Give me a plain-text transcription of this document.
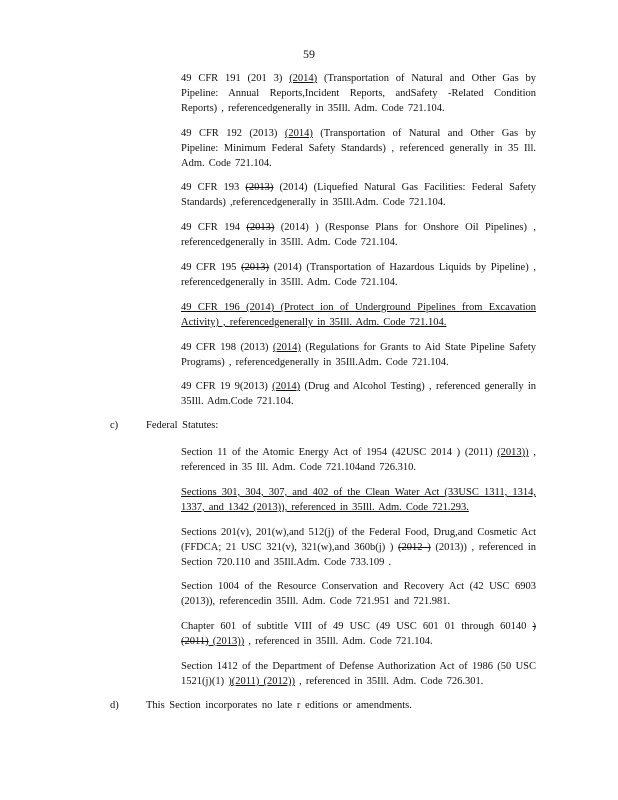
59

49 CFR 191 (201 3) (2014) (Transportation of Natural and Other Gas by Pipeline: Annual Reports,Incident Reports, andSafety -Related Condition Reports) , referencedgenerally in 35Ill. Adm. Code 721.104.

49 CFR 192 (2013) (2014) (Transportation of Natural and Other Gas by Pipeline: Minimum Federal Safety Standards) , referenced generally in 35 Ill. Adm. Code 721.104.

49 CFR 193 (2013) (2014) (Liquefied Natural Gas Facilities: Federal Safety Standards) ,referencedgenerally in 35Ill.Adm. Code 721.104.

49 CFR 194 (2013) (2014) ) (Response Plans for Onshore Oil Pipelines) , referencedgenerally in 35Ill. Adm. Code 721.104.

49 CFR 195 (2013) (2014) (Transportation of Hazardous Liquids by Pipeline) , referencedgenerally in 35Ill. Adm. Code 721.104.

49 CFR 196 (2014) (Protect ion of Underground Pipelines from Excavation Activity) , referencedgenerally in 35Ill. Adm. Code 721.104.

49 CFR 198 (2013) (2014) (Regulations for Grants to Aid State Pipeline Safety Programs) , referencedgenerally in 35Ill.Adm. Code 721.104.

49 CFR 19 9(2013) (2014) (Drug and Alcohol Testing) , referenced generally in 35Ill. Adm.Code 721.104.

c)	Federal Statutes:

Section 11 of the Atomic Energy Act of 1954 (42USC 2014 ) (2011) (2013)) , referenced in 35 Ill. Adm. Code 721.104and 726.310.

Sections 301, 304, 307, and 402 of the Clean Water Act (33USC 1311, 1314, 1337, and 1342 (2013)), referenced in 35Ill. Adm. Code 721.293.

Sections 201(v), 201(w),and 512(j) of the Federal Food, Drug,and Cosmetic Act (FFDCA; 21 USC 321(v), 321(w),and 360b(j) ) (2012 ) (2013)) , referenced in Section 720.110 and 35Ill.Adm. Code 733.109 .

Section 1004 of the Resource Conservation and Recovery Act (42 USC 6903 (2013)), referencedin 35Ill. Adm. Code 721.951 and 721.981.

Chapter 601 of subtitle VIII of 49 USC (49 USC 601 01 through 60140 ) (2011) (2013)) , referenced in 35Ill. Adm. Code 721.104.

Section 1412 of the Department of Defense Authorization Act of 1986 (50 USC 1521(j)(1) )(2011) (2012)) , referenced in 35Ill. Adm. Code 726.301.

d)	This Section incorporates no late r editions or amendments.
